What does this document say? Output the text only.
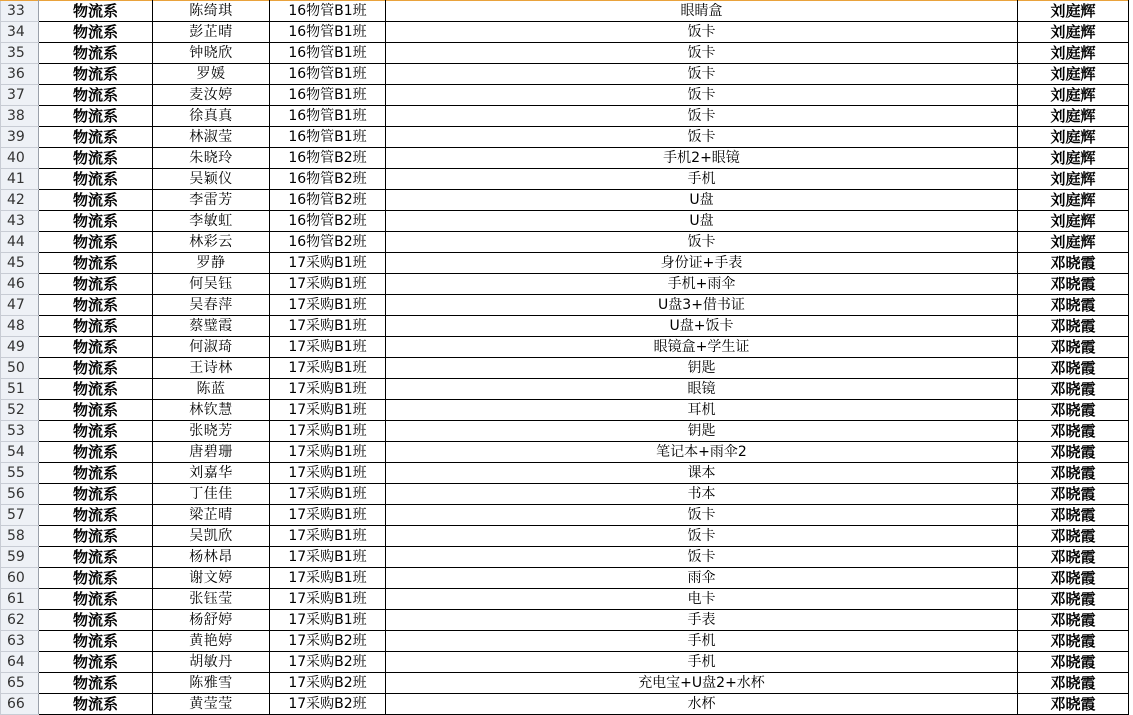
33	物流系	陈绮琪	16物管B1班	眼睛盒	刘庭辉
34	物流系	彭芷晴	16物管B1班	饭卡	刘庭辉
35	物流系	钟晓欣	16物管B1班	饭卡	刘庭辉
36	物流系	罗媛	16物管B1班	饭卡	刘庭辉
37	物流系	麦汝婷	16物管B1班	饭卡	刘庭辉
38	物流系	徐真真	16物管B1班	饭卡	刘庭辉
39	物流系	林淑莹	16物管B1班	饭卡	刘庭辉
40	物流系	朱晓玲	16物管B2班	手机2+眼镜	刘庭辉
41	物流系	吴颖仪	16物管B2班	手机	刘庭辉
42	物流系	李雷芳	16物管B2班	U盘	刘庭辉
43	物流系	李敏虹	16物管B2班	U盘	刘庭辉
44	物流系	林彩云	16物管B2班	饭卡	刘庭辉
45	物流系	罗静	17采购B1班	身份证+手表	邓晓霞
46	物流系	何吴钰	17采购B1班	手机+雨伞	邓晓霞
47	物流系	吴春萍	17采购B1班	U盘3+借书证	邓晓霞
48	物流系	蔡璧霞	17采购B1班	U盘+饭卡	邓晓霞
49	物流系	何淑琦	17采购B1班	眼镜盒+学生证	邓晓霞
50	物流系	王诗林	17采购B1班	钥匙	邓晓霞
51	物流系	陈蓝	17采购B1班	眼镜	邓晓霞
52	物流系	林钦慧	17采购B1班	耳机	邓晓霞
53	物流系	张晓芳	17采购B1班	钥匙	邓晓霞
54	物流系	唐碧珊	17采购B1班	笔记本+雨伞2	邓晓霞
55	物流系	刘嘉华	17采购B1班	课本	邓晓霞
56	物流系	丁佳佳	17采购B1班	书本	邓晓霞
57	物流系	梁芷晴	17采购B1班	饭卡	邓晓霞
58	物流系	吴凯欣	17采购B1班	饭卡	邓晓霞
59	物流系	杨林昂	17采购B1班	饭卡	邓晓霞
60	物流系	谢文婷	17采购B1班	雨伞	邓晓霞
61	物流系	张钰莹	17采购B1班	电卡	邓晓霞
62	物流系	杨舒婷	17采购B1班	手表	邓晓霞
63	物流系	黄艳婷	17采购B2班	手机	邓晓霞
64	物流系	胡敏丹	17采购B2班	手机	邓晓霞
65	物流系	陈雅雪	17采购B2班	充电宝+U盘2+水杯	邓晓霞
66	物流系	黄莹莹	17采购B2班	水杯	邓晓霞
